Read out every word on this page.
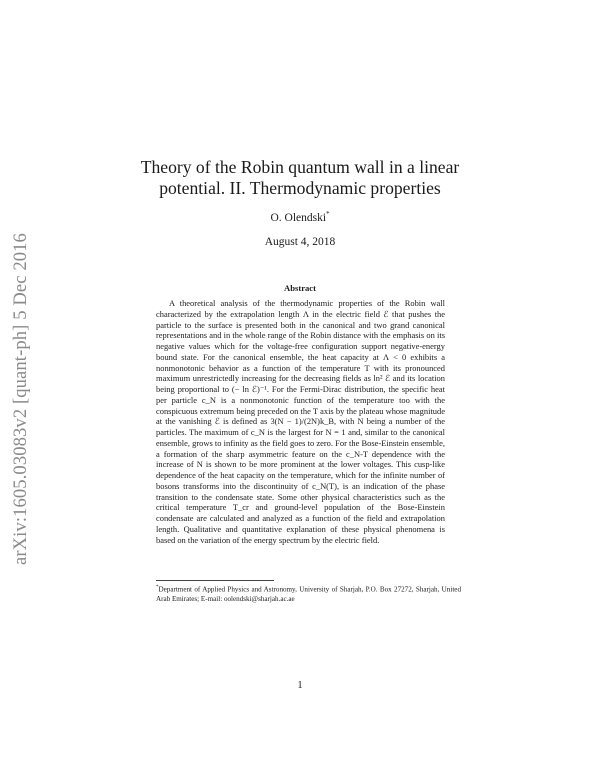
arXiv:1605.03083v2 [quant-ph] 5 Dec 2016
Theory of the Robin quantum wall in a linear potential. II. Thermodynamic properties
O. Olendski*
August 4, 2018
Abstract

A theoretical analysis of the thermodynamic properties of the Robin wall characterized by the extrapolation length Λ in the electric field ℰ that pushes the particle to the surface is presented both in the canonical and two grand canonical representations and in the whole range of the Robin distance with the emphasis on its negative values which for the voltage-free configuration support negative-energy bound state. For the canonical ensemble, the heat capacity at Λ < 0 exhibits a nonmonotonic behavior as a function of the temperature T with its pronounced maximum unrestrictedly increasing for the decreasing fields as ln² ℰ and its location being proportional to (− ln ℰ)⁻¹. For the Fermi-Dirac distribution, the specific heat per particle c_N is a nonmonotonic function of the temperature too with the conspicuous extremum being preceded on the T axis by the plateau whose magnitude at the vanishing ℰ is defined as 3(N − 1)/(2N)k_B, with N being a number of the particles. The maximum of c_N is the largest for N = 1 and, similar to the canonical ensemble, grows to infinity as the field goes to zero. For the Bose-Einstein ensemble, a formation of the sharp asymmetric feature on the c_N-T dependence with the increase of N is shown to be more prominent at the lower voltages. This cusp-like dependence of the heat capacity on the temperature, which for the infinite number of bosons transforms into the discontinuity of c_N(T), is an indication of the phase transition to the condensate state. Some other physical characteristics such as the critical temperature T_cr and ground-level population of the Bose-Einstein condensate are calculated and analyzed as a function of the field and extrapolation length. Qualitative and quantitative explanation of these physical phenomena is based on the variation of the energy spectrum by the electric field.

*Department of Applied Physics and Astronomy, University of Sharjah, P.O. Box 27272, Sharjah, United Arab Emirates; E-mail: oolendski@sharjah.ac.ae

1
